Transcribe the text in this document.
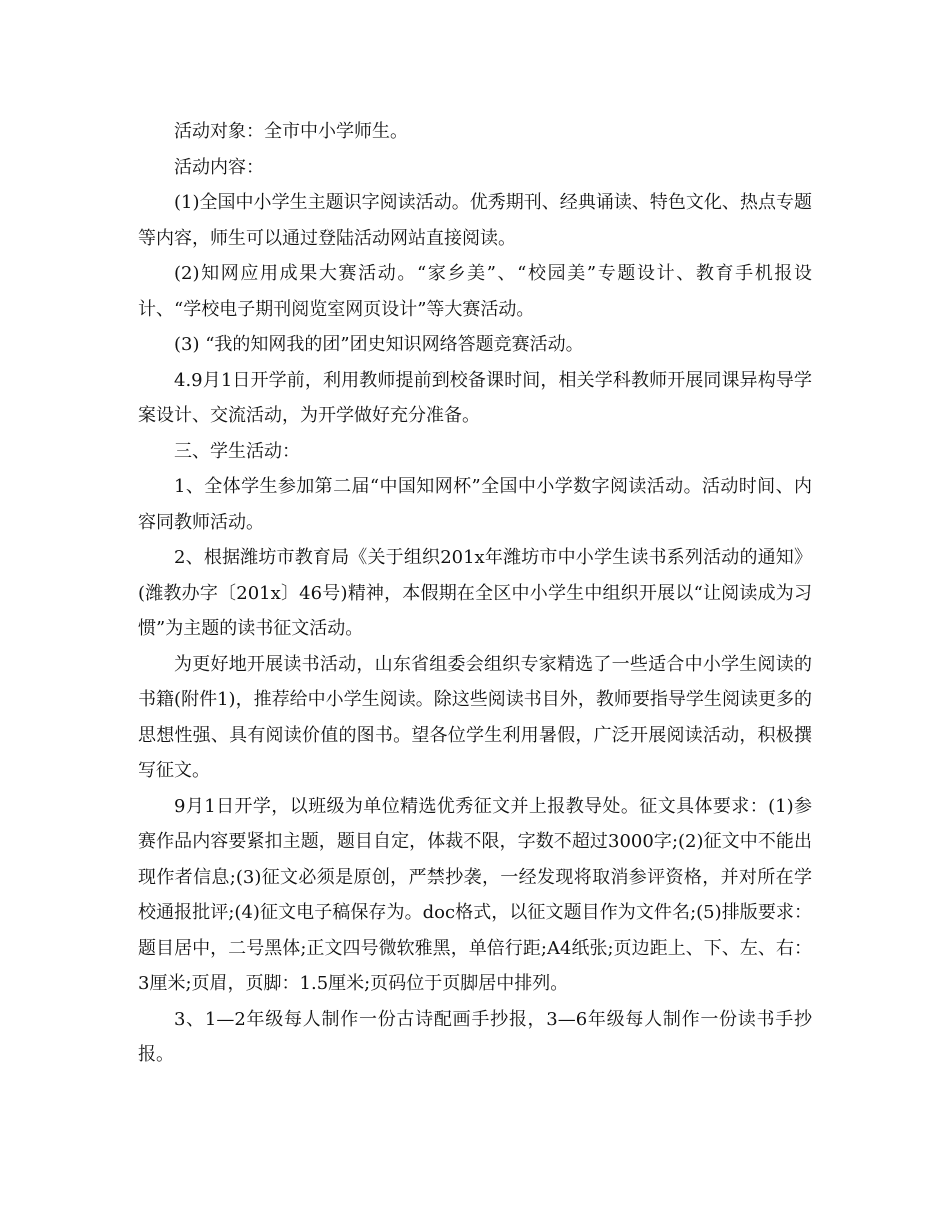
活动对象：全市中小学师生。

活动内容：

(1)全国中小学生主题识字阅读活动。优秀期刊、经典诵读、特色文化、热点专题等内容，师生可以通过登陆活动网站直接阅读。

(2)知网应用成果大赛活动。“家乡美”、“校园美”专题设计、教育手机报设计、“学校电子期刊阅览室网页设计”等大赛活动。

(3) “我的知网我的团”团史知识网络答题竞赛活动。

4.9月1日开学前，利用教师提前到校备课时间，相关学科教师开展同课异构导学案设计、交流活动，为开学做好充分准备。

三、学生活动：

1、全体学生参加第二届“中国知网杯”全国中小学数字阅读活动。活动时间、内容同教师活动。

2、根据潍坊市教育局《关于组织201x年潍坊市中小学生读书系列活动的通知》(潍教办字〔201x〕46号)精神，本假期在全区中小学生中组织开展以“让阅读成为习惯”为主题的读书征文活动。

为更好地开展读书活动，山东省组委会组织专家精选了一些适合中小学生阅读的书籍(附件1)，推荐给中小学生阅读。除这些阅读书目外，教师要指导学生阅读更多的思想性强、具有阅读价值的图书。望各位学生利用暑假，广泛开展阅读活动，积极撰写征文。

9月1日开学，以班级为单位精选优秀征文并上报教导处。征文具体要求：(1)参赛作品内容要紧扣主题，题目自定，体裁不限，字数不超过3000字;(2)征文中不能出现作者信息;(3)征文必须是原创，严禁抄袭，一经发现将取消参评资格，并对所在学校通报批评;(4)征文电子稿保存为。doc格式，以征文题目作为文件名;(5)排版要求：题目居中，二号黑体;正文四号微软雅黑，单倍行距;A4纸张;页边距上、下、左、右：3厘米;页眉，页脚：1.5厘米;页码位于页脚居中排列。

3、1—2年级每人制作一份古诗配画手抄报，3—6年级每人制作一份读书手抄报。
